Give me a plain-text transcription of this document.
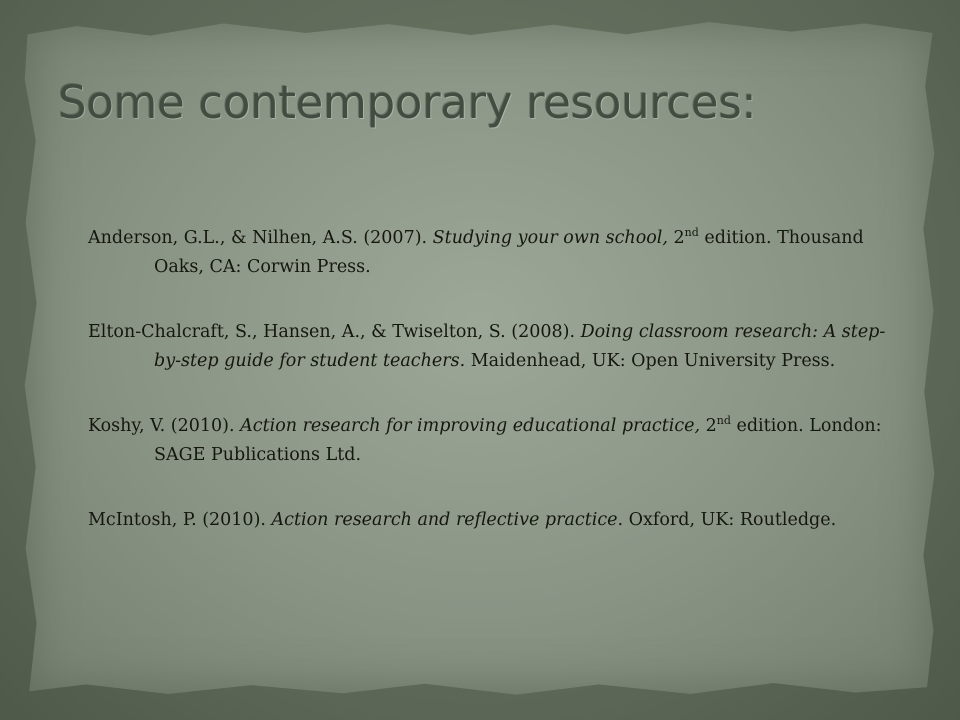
Some contemporary resources:

Anderson, G.L., & Nilhen, A.S. (2007). Studying your own school, 2nd edition. Thousand Oaks, CA: Corwin Press.

Elton-Chalcraft, S., Hansen, A., & Twiselton, S. (2008). Doing classroom research: A step-by-step guide for student teachers. Maidenhead, UK: Open University Press.

Koshy, V. (2010). Action research for improving educational practice, 2nd edition. London: SAGE Publications Ltd.

McIntosh, P. (2010). Action research and reflective practice. Oxford, UK: Routledge.
